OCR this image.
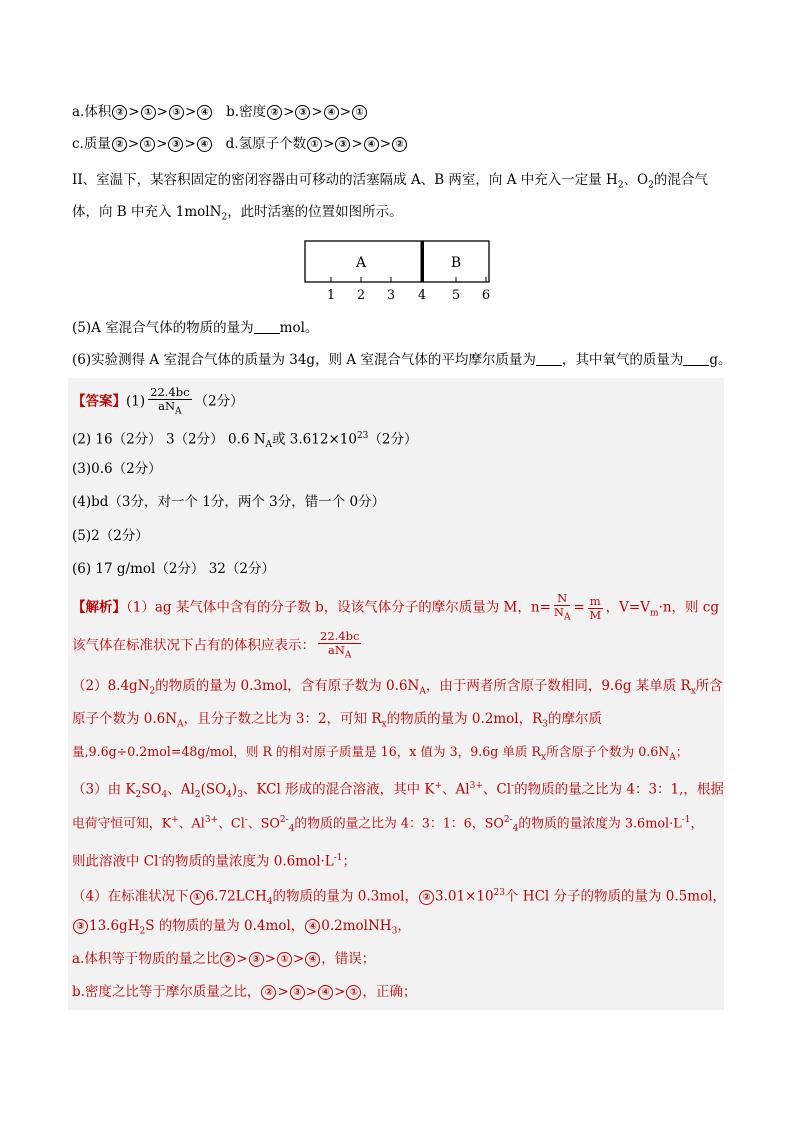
a.体积 ② > ① > ③ > ④ b.密度 ② > ③ > ④ > ①
c.质量 ② > ① > ③ > ④ d.氢原子个数 ① > ③ > ④ > ②
II、室温下，某容积固定的密闭容器由可移动的活塞隔成 A、B 两室，向 A 中充入一定量 $H_2$、$O_2$的混合气
体，向 B 中充入 1molN$_2$，此时活塞的位置如图所示。
A	B
1 2 3 4 5 6
(5)A 室混合气体的物质的量为 mol。
(6)实验测得 A 室混合气体的质量为 34g，则 A 室混合气体的平均摩尔质量为 ，其中氧气的质量为 g。
【答案】$(1) \frac{22.4bc}{aN_A} (2$分）
(2) 16（2分） 3（2分） 0.6 $N_A$或 $3.612\times 10^{23}(2$分）
(3)0.6（2分）
(4)bd（3分，对一个 1分，两个 3分，错一个 0分）
(5)2（2分）
(6) 17 g/mol（2分） 32（2分）
【解析】（1）ag 某气体中含有的分子数 b，设该气体分子的摩尔质量为 M，$n= \frac{N}{N_A} = \frac{m}{M}$ ，$V=V_m\cdot n$，则 cg
该气体在标准状况下占有的体积应表示： $\frac{22.4bc}{aN_A}$
$(2)8.4gN_2$的物质的量为 0.3mol，含有原子数为 $0.6N_A$，由于两者所含原子数相同，9.6g 某单质 $R_x$所含
原子个数为 $0.6N_A$，且分子数之比为 3：2，可知 $R_x$的物质的量为 0.2mol，$R_3$的摩尔质
量,9.6g÷0.2mol=48g/mol，则 R 的相对原子质量是 16，x 值为 3，9.6g 单质 $R_x$所含原子个数为 $0.6N_A$；
（3）由 $K_2SO_4$、$Al_2(SO_4)_3$、KCl 形成的混合溶液，其中 K+、$Al^{3+}$、Cl-的物质的量之比为 4：3：1,，根据
电荷守恒可知，K+、$Al^{3+}$、Cl-、$SO^{2-}_4$的物质的量之比为 4：3：1：6，$SO^{2-}_4$的物质的量浓度为 $3.6mol\cdot L^{-1}$，
则此溶液中 Cl-的物质的量浓度为 $0.6mol\cdot L^{-1}$；
（4）在标准状况下 ① $6.72LCH_4$的物质的量为 0.3mol， ② $3.01\times 10^{23}$个 HCl 分子的物质的量为 0.5mol，
③ $13.6gH_2S$ 的物质的量为 0.4mol， ④ 0.2molNH$_3$，
a.体积等于物质的量之比 ② > ③ > ① > ④ ，错误；
b.密度之比等于摩尔质量之比， ② > ③ > ④ > ① ，正确；
